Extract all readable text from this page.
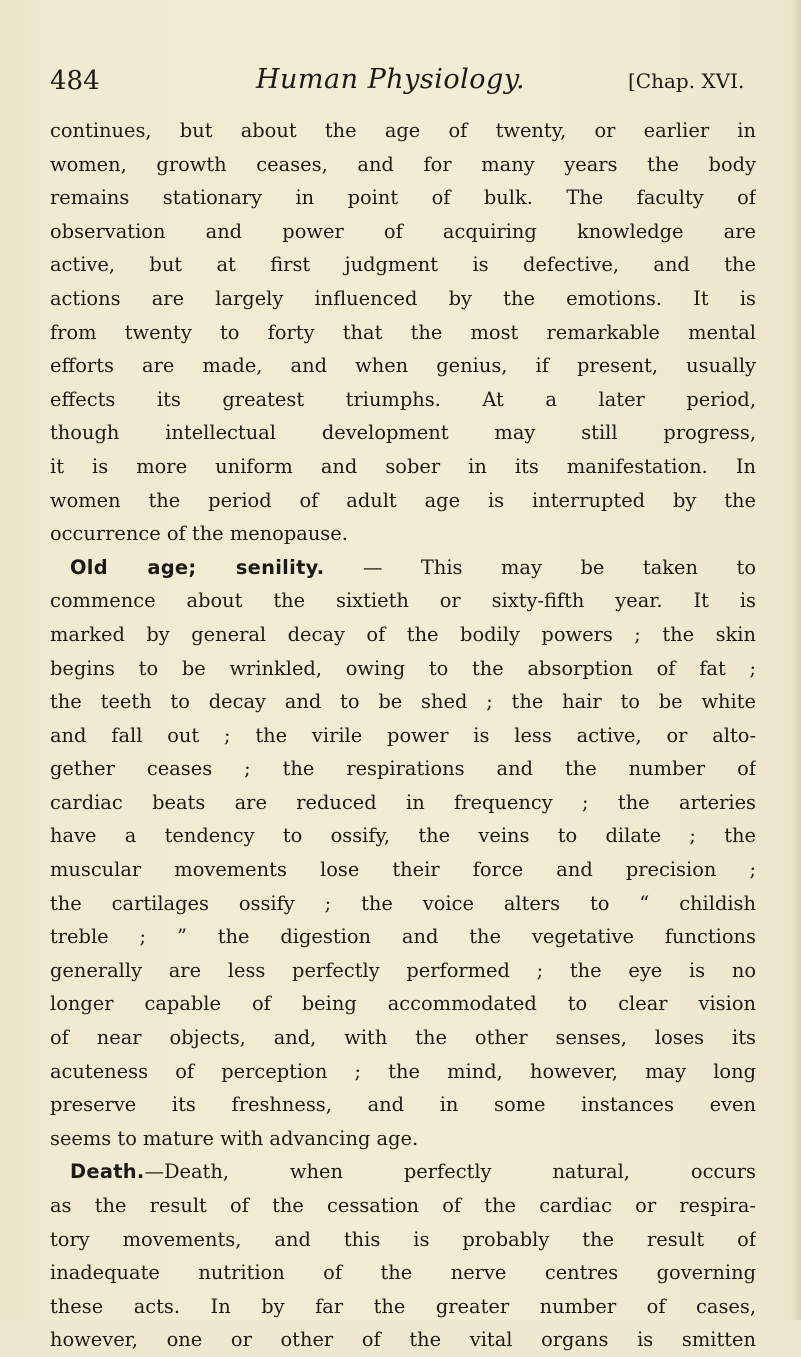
484	Human Physiology.	[Chap. XVI.
continues, but about the age of twenty, or earlier in
women, growth ceases, and for many years the body
remains stationary in point of bulk. The faculty of
observation and power of acquiring knowledge are
active, but at first judgment is defective, and the
actions are largely influenced by the emotions. It is
from twenty to forty that the most remarkable mental
efforts are made, and when genius, if present, usually
effects its greatest triumphs. At a later period,
though intellectual development may still progress,
it is more uniform and sober in its manifestation. In
women the period of adult age is interrupted by the
occurrence of the menopause.
Old age; senility. — This may be taken to
commence about the sixtieth or sixty-fifth year. It is
marked by general decay of the bodily powers ; the skin
begins to be wrinkled, owing to the absorption of fat ;
the teeth to decay and to be shed ; the hair to be white
and fall out ; the virile power is less active, or alto-
gether ceases ; the respirations and the number of
cardiac beats are reduced in frequency ; the arteries
have a tendency to ossify, the veins to dilate ; the
muscular movements lose their force and precision ;
the cartilages ossify ; the voice alters to “ childish
treble ; ” the digestion and the vegetative functions
generally are less perfectly performed ; the eye is no
longer capable of being accommodated to clear vision
of near objects, and, with the other senses, loses its
acuteness of perception ; the mind, however, may long
preserve its freshness, and in some instances even
seems to mature with advancing age.
Death.—Death, when perfectly natural, occurs
as the result of the cessation of the cardiac or respira-
tory movements, and this is probably the result of
inadequate nutrition of the nerve centres governing
these acts. In by far the greater number of cases,
however, one or other of the vital organs is smitten
